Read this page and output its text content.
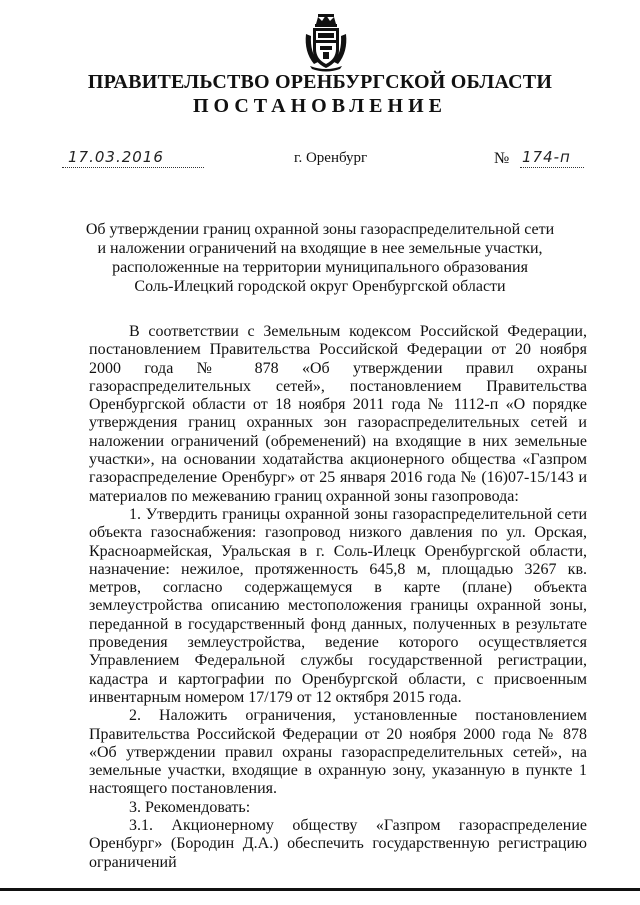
ПРАВИТЕЛЬСТВО ОРЕНБУРГСКОЙ ОБЛАСТИ
ПОСТАНОВЛЕНИЕ
17.03.2016	г. Оренбург	№ 174-п
Об утверждении границ охранной зоны газораспределительной сети
и наложении ограничений на входящие в нее земельные участки,
расположенные на территории муниципального образования
Соль-Илецкий городской округ Оренбургской области

В соответствии с Земельным кодексом Российской Федерации, постановлением Правительства Российской Федерации от 20 ноября 2000 года № 878 «Об утверждении правил охраны газораспределительных сетей», постановлением Правительства Оренбургской области от 18 ноября 2011 года № 1112-п «О порядке утверждения границ охранных зон газораспределительных сетей и наложении ограничений (обременений) на входящие в них земельные участки», на основании ходатайства акционерного общества «Газпром газораспределение Оренбург» от 25 января 2016 года № (16)07-15/143 и материалов по межеванию границ охранной зоны газопровода:

1. Утвердить границы охранной зоны газораспределительной сети объекта газоснабжения: газопровод низкого давления по ул. Орская, Красноармейская, Уральская в г. Соль-Илецк Оренбургской области, назначение: нежилое, протяженность 645,8 м, площадью 3267 кв. метров, согласно содержащемуся в карте (плане) объекта землеустройства описанию местоположения границы охранной зоны, переданной в государственный фонд данных, полученных в результате проведения землеустройства, ведение которого осуществляется Управлением Федеральной службы государственной регистрации, кадастра и картографии по Оренбургской области, с присвоенным инвентарным номером 17/179 от 12 октября 2015 года.

2. Наложить ограничения, установленные постановлением Правительства Российской Федерации от 20 ноября 2000 года № 878 «Об утверждении правил охраны газораспределительных сетей», на земельные участки, входящие в охранную зону, указанную в пункте 1 настоящего постановления.

3. Рекомендовать:

3.1. Акционерному обществу «Газпром газораспределение Оренбург» (Бородин Д.А.) обеспечить государственную регистрацию ограничений
